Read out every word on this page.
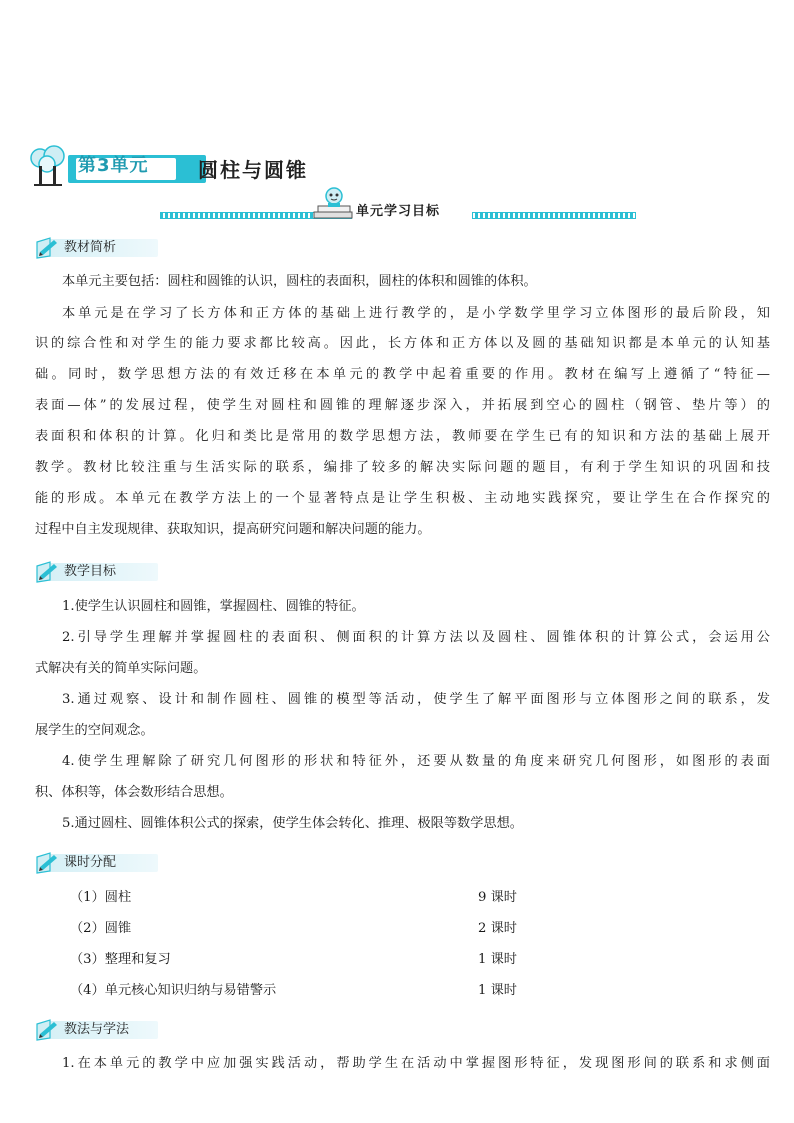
第3单元	圆柱与圆锥
单元学习目标
教材简析
本单元主要包括：圆柱和圆锥的认识，圆柱的表面积，圆柱的体积和圆锥的体积。
本单元是在学习了长方体和正方体的基础上进行教学的，是小学数学里学习立体图形的最后阶段，知
识的综合性和对学生的能力要求都比较高。因此，长方体和正方体以及圆的基础知识都是本单元的认知基
础。同时，数学思想方法的有效迁移在本单元的教学中起着重要的作用。教材在编写上遵循了“特征—
表面—体”的发展过程，使学生对圆柱和圆锥的理解逐步深入，并拓展到空心的圆柱（钢管、垫片等）的
表面积和体积的计算。化归和类比是常用的数学思想方法，教师要在学生已有的知识和方法的基础上展开
教学。教材比较注重与生活实际的联系，编排了较多的解决实际问题的题目，有利于学生知识的巩固和技
能的形成。本单元在教学方法上的一个显著特点是让学生积极、主动地实践探究，要让学生在合作探究的
过程中自主发现规律、获取知识，提高研究问题和解决问题的能力。
教学目标
1.使学生认识圆柱和圆锥，掌握圆柱、圆锥的特征。
2.引导学生理解并掌握圆柱的表面积、侧面积的计算方法以及圆柱、圆锥体积的计算公式，会运用公
式解决有关的简单实际问题。
3.通过观察、设计和制作圆柱、圆锥的模型等活动，使学生了解平面图形与立体图形之间的联系，发
展学生的空间观念。
4.使学生理解除了研究几何图形的形状和特征外，还要从数量的角度来研究几何图形，如图形的表面
积、体积等，体会数形结合思想。
5.通过圆柱、圆锥体积公式的探索，使学生体会转化、推理、极限等数学思想。
课时分配
（1）圆柱	9 课时
（2）圆锥	2 课时
（3）整理和复习	1 课时
（4）单元核心知识归纳与易错警示	1 课时
教法与学法
1.在本单元的教学中应加强实践活动，帮助学生在活动中掌握图形特征，发现图形间的联系和求侧面
